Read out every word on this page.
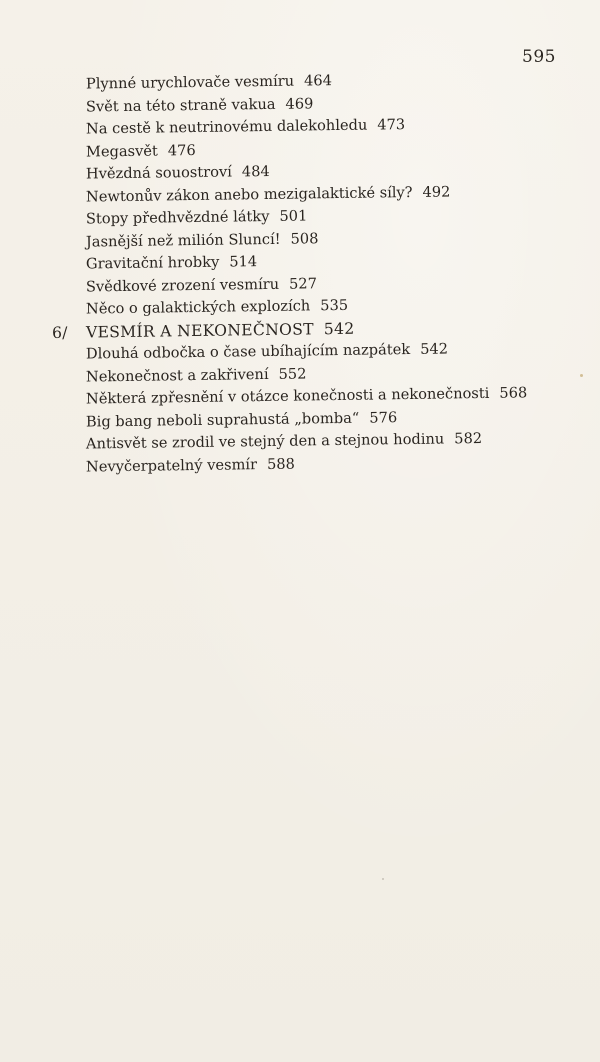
595
Plynné urychlovače vesmíru 464
Svět na této straně vakua 469
Na cestě k neutrinovému dalekohledu 473
Megasvět 476
Hvězdná souostroví 484
Newtonův zákon anebo mezigalaktické síly? 492
Stopy předhvězdné látky 501
Jasnější než milión Sluncí! 508
Gravitační hrobky 514
Svědkové zrození vesmíru 527
Něco o galaktických explozích 535
6/ VESMÍR A NEKONEČNOST 542
Dlouhá odbočka o čase ubíhajícím nazpátek 542
Nekonečnost a zakřivení 552
Některá zpřesnění v otázce konečnosti a nekonečnosti 568
Big bang neboli suprahustá „bomba“ 576
Antisvět se zrodil ve stejný den a stejnou hodinu 582
Nevyčerpatelný vesmír 588
